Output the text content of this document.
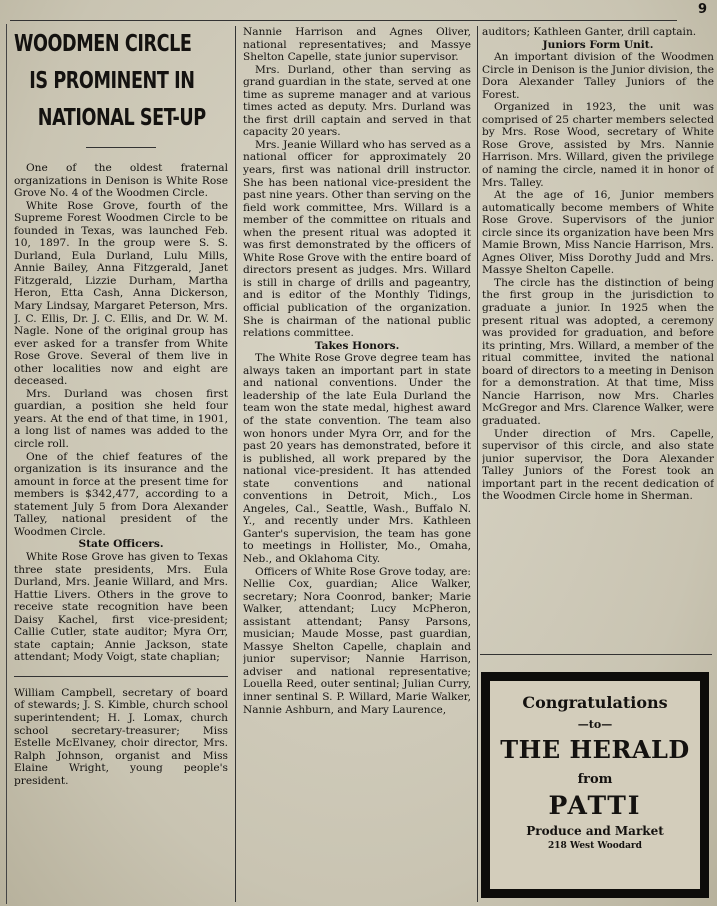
9
WOODMEN CIRCLE
IS PROMINENT IN
NATIONAL SET-UP

One of the oldest fraternal organizations in Denison is White Rose Grove No. 4 of the Woodmen Circle.

White Rose Grove, fourth of the Supreme Forest Woodmen Circle to be founded in Texas, was launched Feb. 10, 1897. In the group were S. S. Durland, Eula Durland, Lulu Mills, Annie Bailey, Anna Fitzgerald, Janet Fitzgerald, Lizzie Durham, Martha Heron, Etta Cash, Anna Dickerson, Mary Lindsay, Margaret Peterson, Mrs. J. C. Ellis, Dr. J. C. Ellis, and Dr. W. M. Nagle. None of the original group has ever asked for a transfer from White Rose Grove. Several of them live in other localities now and eight are deceased.

Mrs. Durland was chosen first guardian, a position she held four years. At the end of that time, in 1901, a long list of names was added to the circle roll.

One of the chief features of the organization is its insurance and the amount in force at the present time for members is $342,477, according to a statement July 5 from Dora Alexander Talley, national president of the Woodmen Circle.

State Officers.

White Rose Grove has given to Texas three state presidents, Mrs. Eula Durland, Mrs. Jeanie Willard, and Mrs. Hattie Livers. Others in the grove to receive state recognition have been Daisy Kachel, first vice-president; Callie Cutler, state auditor; Myra Orr, state captain; Annie Jackson, state attendant; Mody Voigt, state chaplian;

William Campbell, secretary of board of stewards; J. S. Kimble, church school superintendent; H. J. Lomax, church school secretary-treasurer; Miss Estelle McElvaney, choir director, Mrs. Ralph Johnson, organist and Miss Elaine Wright, young people's president.

Nannie Harrison and Agnes Oliver, national representatives; and Massye Shelton Capelle, state junior supervisor.

Mrs. Durland, other than serving as grand guardian in the state, served at one time as supreme manager and at various times acted as deputy. Mrs. Durland was the first drill captain and served in that capacity 20 years.

Mrs. Jeanie Willard who has served as a national officer for approximately 20 years, first was national drill instructor. She has been national vice-president the past nine years. Other than serving on the field work committee, Mrs. Willard is a member of the committee on rituals and when the present ritual was adopted it was first demonstrated by the officers of White Rose Grove with the entire board of directors present as judges. Mrs. Willard is still in charge of drills and pageantry, and is editor of the Monthly Tidings, official publication of the organization. She is chairman of the national public relations committee.

Takes Honors.

The White Rose Grove degree team has always taken an important part in state and national conventions. Under the leadership of the late Eula Durland the team won the state medal, highest award of the state convention. The team also won honors under Myra Orr, and for the past 20 years has demonstrated, before it is published, all work prepared by the national vice-president. It has attended state conventions and national conventions in Detroit, Mich., Los Angeles, Cal., Seattle, Wash., Buffalo N. Y., and recently under Mrs. Kathleen Ganter's supervision, the team has gone to meetings in Hollister, Mo., Omaha, Neb., and Oklahoma City.

Officers of White Rose Grove today, are: Nellie Cox, guardian; Alice Walker, secretary; Nora Coonrod, banker; Marie Walker, attendant; Lucy McPheron, assistant attendant; Pansy Parsons, musician; Maude Mosse, past guardian, Massye Shelton Capelle, chaplain and junior supervisor; Nannie Harrison, adviser and national representative; Louella Reed, outer sentinal; Julian Curry, inner sentinal S. P. Willard, Marie Walker, Nannie Ashburn, and Mary Laurence,

auditors; Kathleen Ganter, drill captain.

Juniors Form Unit.

An important division of the Woodmen Circle in Denison is the Junior division, the Dora Alexander Talley Juniors of the Forest.

Organized in 1923, the unit was comprised of 25 charter members selected by Mrs. Rose Wood, secretary of White Rose Grove, assisted by Mrs. Nannie Harrison. Mrs. Willard, given the privilege of naming the circle, named it in honor of Mrs. Talley.

At the age of 16, Junior members automatically become members of White Rose Grove. Supervisors of the junior circle since its organization have been Mrs Mamie Brown, Miss Nancie Harrison, Mrs. Agnes Oliver, Miss Dorothy Judd and Mrs. Massye Shelton Capelle.

The circle has the distinction of being the first group in the jurisdiction to graduate a junior. In 1925 when the present ritual was adopted, a ceremony was provided for graduation, and before its printing, Mrs. Willard, a member of the ritual committee, invited the national board of directors to a meeting in Denison for a demonstration. At that time, Miss Nancie Harrison, now Mrs. Charles McGregor and Mrs. Clarence Walker, were graduated.

Under direction of Mrs. Capelle, supervisor of this circle, and also state junior supervisor, the Dora Alexander Talley Juniors of the Forest took an important part in the recent dedication of the Woodmen Circle home in Sherman.

Congratulations
—to—
THE HERALD
from
PATTI
Produce and Market
218 West Woodard
